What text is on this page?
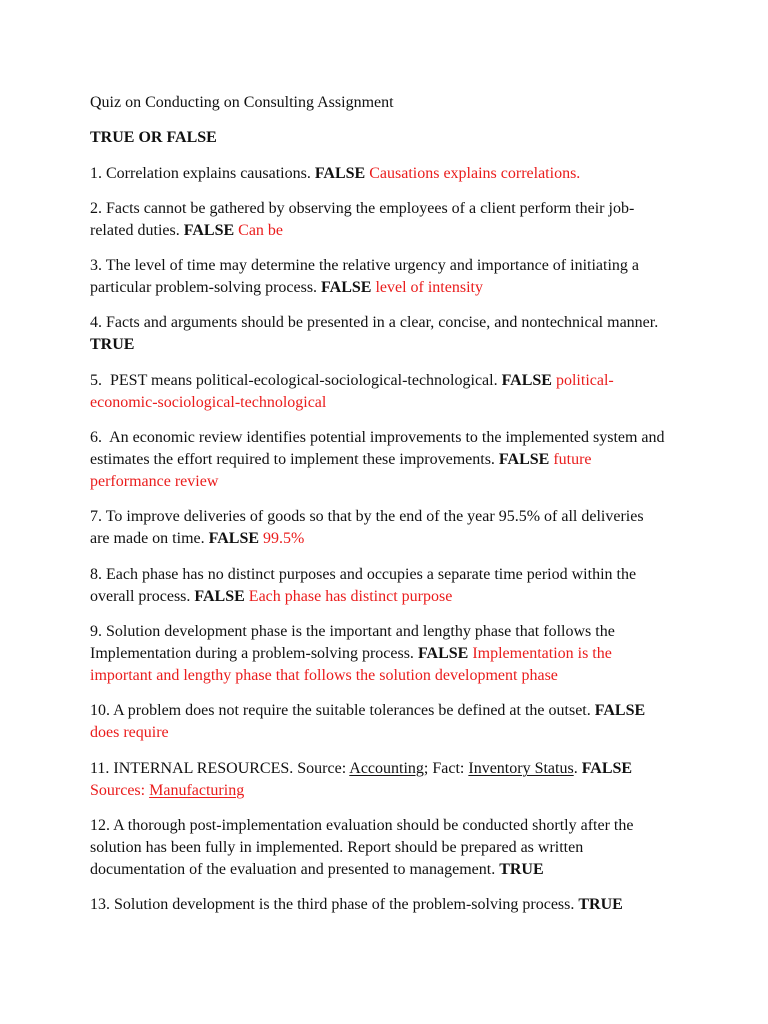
Quiz on Conducting on Consulting Assignment
TRUE OR FALSE
1. Correlation explains causations. FALSE Causations explains correlations.
2. Facts cannot be gathered by observing the employees of a client perform their job-
related duties. FALSE Can be
3. The level of time may determine the relative urgency and importance of initiating a
particular problem-solving process. FALSE level of intensity
4. Facts and arguments should be presented in a clear, concise, and nontechnical manner.
TRUE
5.  PEST means political-ecological-sociological-technological. FALSE political-
economic-sociological-technological
6.  An economic review identifies potential improvements to the implemented system and
estimates the effort required to implement these improvements. FALSE future
performance review
7. To improve deliveries of goods so that by the end of the year 95.5% of all deliveries
are made on time. FALSE 99.5%
8. Each phase has no distinct purposes and occupies a separate time period within the
overall process. FALSE Each phase has distinct purpose
9. Solution development phase is the important and lengthy phase that follows the
Implementation during a problem-solving process. FALSE Implementation is the
important and lengthy phase that follows the solution development phase
10. A problem does not require the suitable tolerances be defined at the outset. FALSE
does require
11. INTERNAL RESOURCES. Source: Accounting; Fact: Inventory Status. FALSE
Sources: Manufacturing
12. A thorough post-implementation evaluation should be conducted shortly after the
solution has been fully in implemented. Report should be prepared as written
documentation of the evaluation and presented to management. TRUE
13. Solution development is the third phase of the problem-solving process. TRUE
